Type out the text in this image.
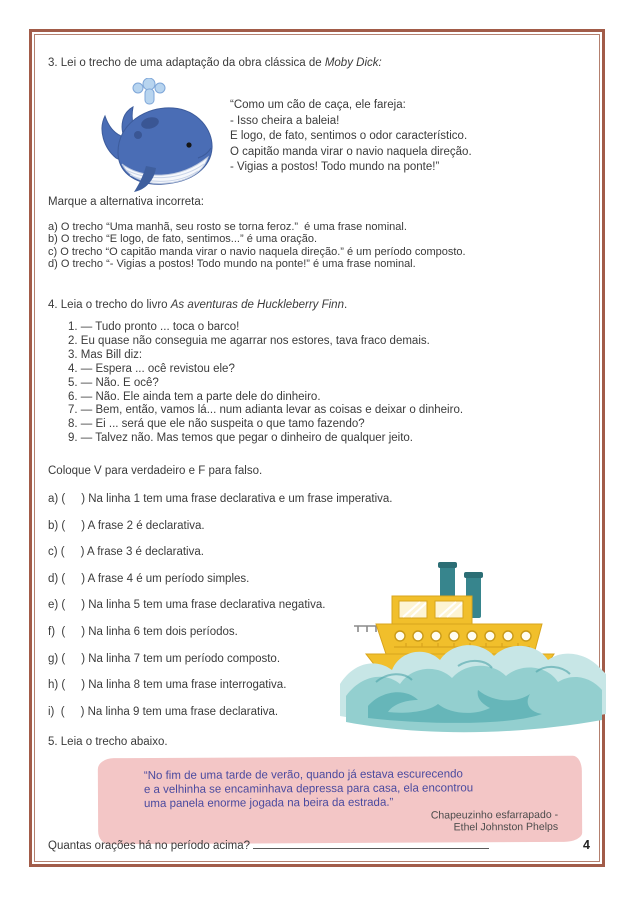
3. Lei o trecho de uma adaptação da obra clássica de Moby Dick:
“Como um cão de caça, ele fareja:
- Isso cheira a baleia!
E logo, de fato, sentimos o odor característico.
O capitão manda virar o navio naquela direção.
- Vigias a postos! Todo mundo na ponte!”
Marque a alternativa incorreta:
a) O trecho “Uma manhã, seu rosto se torna feroz.”  é uma frase nominal.
b) O trecho “E logo, de fato, sentimos...” é uma oração.
c) O trecho “O capitão manda virar o navio naquela direção.” é um período composto.
d) O trecho “- Vigias a postos! Todo mundo na ponte!” é uma frase nominal.
4. Leia o trecho do livro As aventuras de Huckleberry Finn.
1. — Tudo pronto ... toca o barco!
2. Eu quase não conseguia me agarrar nos estores, tava fraco demais.
3. Mas Bill diz:
4. — Espera ... ocê revistou ele?
5. — Não. E ocê?
6. — Não. Ele ainda tem a parte dele do dinheiro.
7. — Bem, então, vamos lá... num adianta levar as coisas e deixar o dinheiro.
8. — Ei ... será que ele não suspeita o que tamo fazendo?
9. — Talvez não. Mas temos que pegar o dinheiro de qualquer jeito.
Coloque V para verdadeiro e F para falso.
a) (     ) Na linha 1 tem uma frase declarativa e um frase imperativa.
b) (     ) A frase 2 é declarativa.
c) (     ) A frase 3 é declarativa.
d) (     ) A frase 4 é um período simples.
e) (     ) Na linha 5 tem uma frase declarativa negativa.
f)  (     ) Na linha 6 tem dois períodos.
g) (     ) Na linha 7 tem um período composto.
h) (     ) Na linha 8 tem uma frase interrogativa.
i)  (     ) Na linha 9 tem uma frase declarativa.
5. Leia o trecho abaixo.
“No fim de uma tarde de verão, quando já estava escurecendo
e a velhinha se encaminhava depressa para casa, ela encontrou
uma panela enorme jogada na beira da estrada.”
Chapeuzinho esfarrapado -
Ethel Johnston Phelps
Quantas orações há no período acima?	4
